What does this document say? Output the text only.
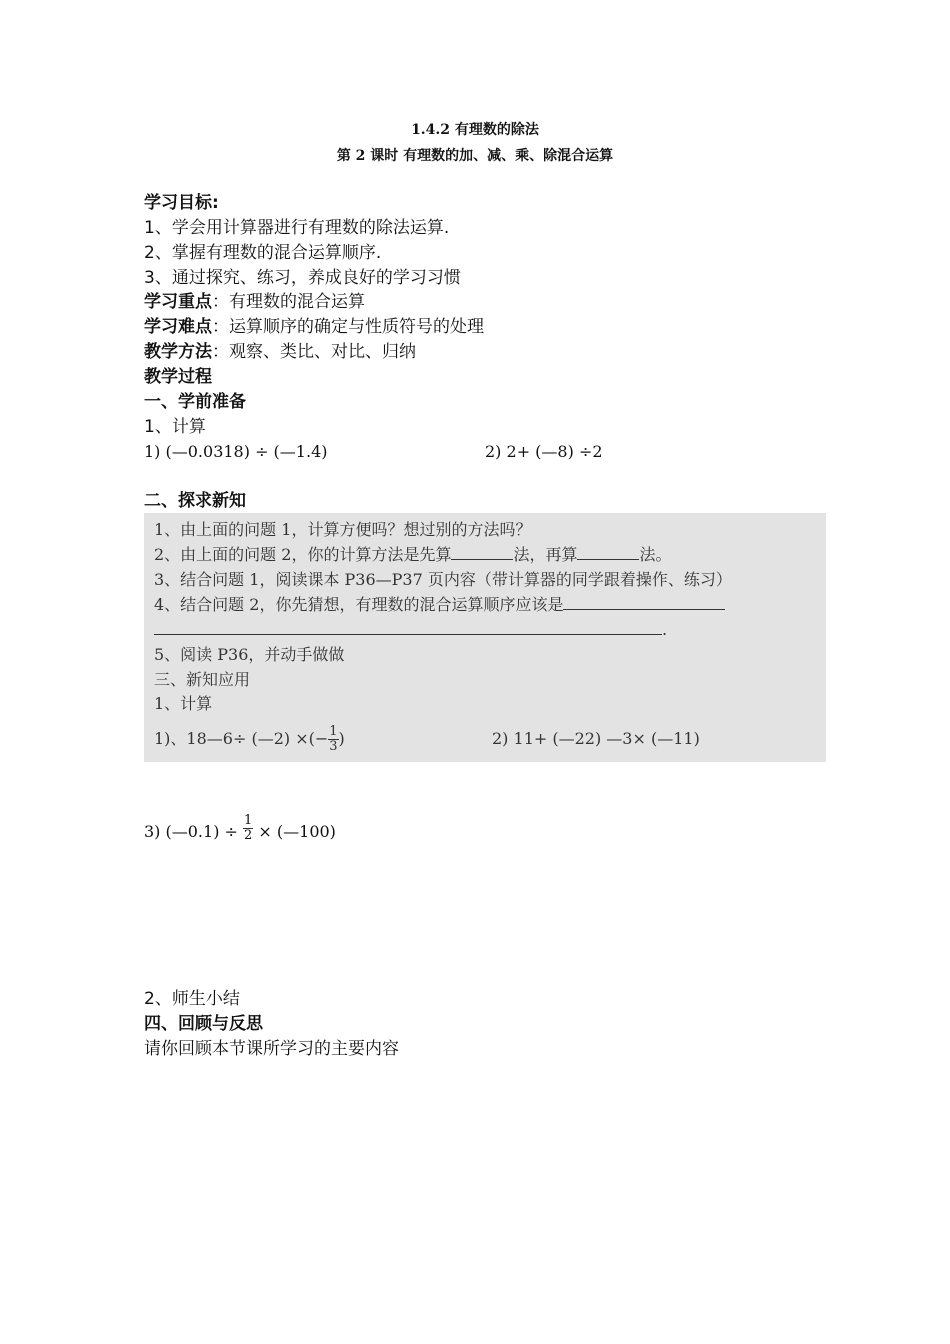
1.4.2 有理数的除法
第 2 课时 有理数的加、减、乘、除混合运算
学习目标:
1、学会用计算器进行有理数的除法运算.
2、掌握有理数的混合运算顺序.
3、通过探究、练习，养成良好的学习习惯
学习重点：有理数的混合运算
学习难点：运算顺序的确定与性质符号的处理
教学方法：观察、类比、对比、归纳
教学过程
一、学前准备
1、计算
1) (—0.0318) ÷ (—1.4)	2) 2+ (—8) ÷2
二、探求新知
1、由上面的问题 1，计算方便吗？想过别的方法吗？
2、由上面的问题 2，你的计算方法是先算	法，再算	法。
3、结合问题 1，阅读课本 P36—P37 页内容（带计算器的同学跟着操作、练习）
4、结合问题 2，你先猜想，有理数的混合运算顺序应该是
.
5、阅读 P36，并动手做做
三、新知应用
1、计算
1)、18—6÷ (—2) ×(− $\frac{1}{3}$ )	2) 11+ (—22) —3× (—11)
3) (—0.1) ÷ $\frac{1}{2}$ × (—100)
2、师生小结
四、回顾与反思
请你回顾本节课所学习的主要内容
